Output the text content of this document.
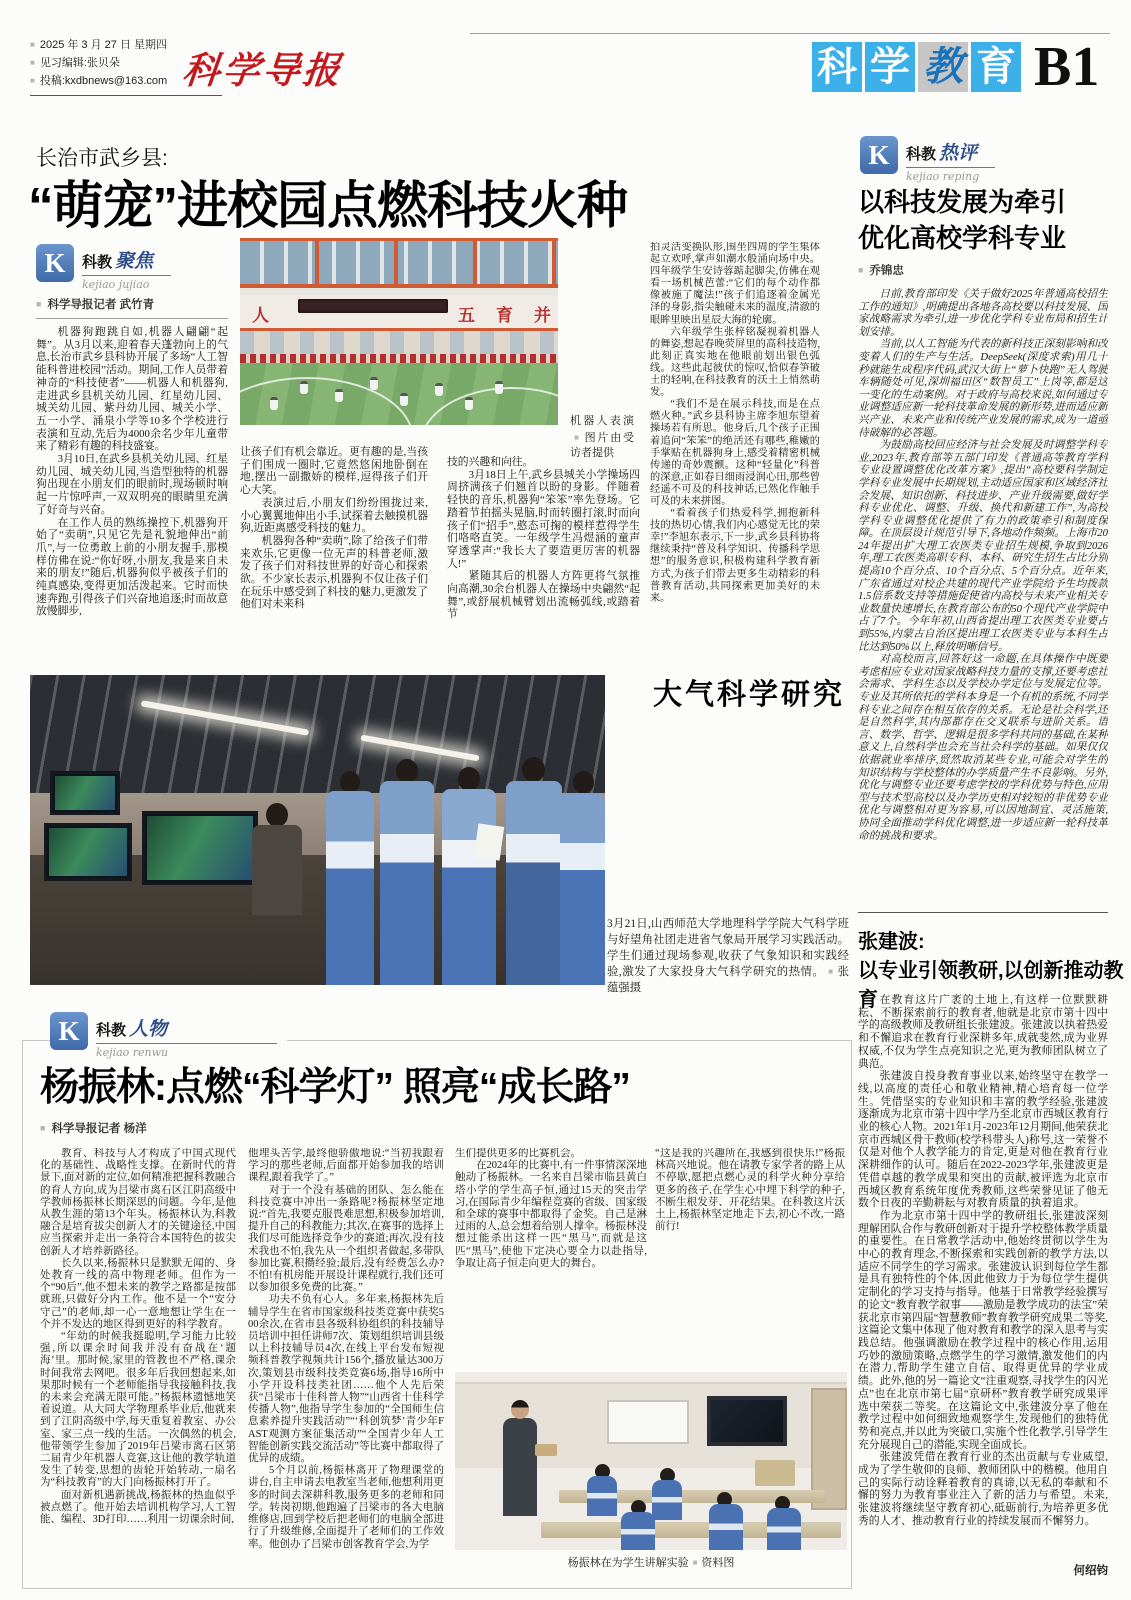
■ 2025 年 3 月 27 日 星期四
■ 见习编辑:张贝朵
■ 投稿:kxdbnews@163.com 科学导报	科 学 教 育 B1
长治市武乡县:
“萌宠”进校园点燃科技火种
K	科教 聚焦
kejiao jujiao
■ 科学导报记者 武竹青

机器狗跑跳自如,机器人翩翩“起舞”。从3月以来,迎着春天蓬勃向上的气息,长治市武乡县科协开展了多场“人工智能科普进校园”活动。期间,工作人员带着神奇的“科技使者”——机器人和机器狗,走进武乡县机关幼儿园、红星幼儿园、城关幼儿园、紫丹幼儿园、城关小学、五一小学、涌泉小学等10多个学校进行表演和互动,先后为4000余名少年儿童带来了精彩有趣的科技盛宴。

3月10日,在武乡县机关幼儿园、红星幼儿园、城关幼儿园,当造型独特的机器狗出现在小朋友们的眼前时,现场顿时响起一片惊呼声,一双双明亮的眼睛里充满了好奇与兴奋。

在工作人员的熟练操控下,机器狗开始了“卖萌”,只见它先是礼貌地伸出“前爪”,与一位勇敢上前的小朋友握手,那模样仿佛在说:“你好呀,小朋友,我是来自未来的朋友!”随后,机器狗似乎被孩子们的纯真感染,变得更加活泼起来。它时而快速奔跑,引得孩子们兴奋地追逐;时而故意放慢脚步,

人	五 育 并
机器人表演■ 图片由受访者提供

让孩子们有机会靠近。更有趣的是,当孩子们围成一圈时,它竟然悠闲地卧倒在地,摆出一副撒娇的模样,逗得孩子们开心大笑。

表演过后,小朋友们纷纷围拢过来,小心翼翼地伸出小手,试探着去触摸机器狗,近距离感受科技的魅力。

机器狗各种“卖萌”,除了给孩子们带来欢乐,它更像一位无声的科普老师,激发了孩子们对科技世界的好奇心和探索欲。不少家长表示,机器狗不仅让孩子们在玩乐中感受到了科技的魅力,更激发了他们对未来科

技的兴趣和向往。

3月18日上午,武乡县城关小学操场四周挤满孩子们翘首以盼的身影。伴随着轻快的音乐,机器狗“笨笨”率先登场。它踏着节拍摇头晃脑,时而转圈打滚,时而向孩子们“招手”,憨态可掬的模样惹得学生们咯咯直笑。一年级学生冯煜涵的童声穿透掌声:“我长大了要造更厉害的机器人!”

紧随其后的机器人方阵更将气氛推向高潮,30余台机器人在操场中央翩然“起舞”,或舒展机械臂划出流畅弧线,或踏着节

拍灵活变换队形,围坐四周的学生集体起立欢呼,掌声如潮水般涌向场中央。四年级学生安诗蓉踮起脚尖,仿佛在观看一场机械芭蕾:“它们的每个动作都像被施了魔法!”孩子们追逐着金属光泽的身影,指尖触碰未来的温度,清澈的眼眸里映出星辰大海的轮廓。

六年级学生张梓铭凝视着机器人的舞姿,想起春晚荧屏里的高科技造物,此刻正真实地在他眼前划出银色弧线。这些此起彼伏的惊叹,恰似春笋破土的轻响,在科技教育的沃土上悄然萌发。

“我们不是在展示科技,而是在点燃火种。”武乡县科协主席李旭东望着操场若有所思。他身后,几个孩子正围着追问“笨笨”的绝活还有哪些,稚嫩的手掌贴在机器狗身上,感受着精密机械传递的奇妙震颤。这种“轻量化”科普的深意,正如春日细雨浸润心田,那些曾经遥不可及的科技神话,已然化作触手可及的未来拼图。

“看着孩子们热爱科学,拥抱新科技的热切心情,我们内心感觉无比的荣幸!”李旭东表示,下一步,武乡县科协将继续秉持“普及科学知识、传播科学思想”的服务意识,积极构建科学教育新方式,为孩子们带去更多生动精彩的科普教育活动,共同探索更加美好的未来。

K	科教 热评
kejiao reping
以科技发展为牵引
优化高校学科专业
■ 乔锦忠

日前,教育部印发《关于做好2025年普通高校招生工作的通知》,明确提出各地各高校要以科技发展、国家战略需求为牵引,进一步优化学科专业布局和招生计划安排。

当前,以人工智能为代表的新科技正深刻影响和改变着人们的生产与生活。DeepSeek(深度求索)用几十秒就能生成程序代码,武汉大街上“萝卜快跑”无人驾驶车辆随处可见,深圳福田区“数智员工”上岗等,都是这一变化的生动案例。对于政府与高校来说,如何通过专业调整适应新一轮科技革命发展的新形势,进而适应新兴产业、未来产业和传统产业发展的需求,成为一道亟待破解的必答题。

为鼓励高校回应经济与社会发展及时调整学科专业,2023年,教育部等五部门印发《普通高等教育学科专业设置调整优化改革方案》,提出“高校要科学制定学科专业发展中长期规划,主动适应国家和区域经济社会发展、知识创新、科技进步、产业升级需要,做好学科专业优化、调整、升级、换代和新建工作”,为高校学科专业调整优化提供了有力的政策牵引和制度保障。在顶层设计规范引导下,各地动作频频。上海市2024年提出扩大理工农医类专业招生规模,争取到2026年,理工农医类高职专科、本科、研究生招生占比分别提高10个百分点、10个百分点、5个百分点。近年来,广东省通过对校企共建的现代产业学院给予生均拨款1.5倍系数支持等措施促使省内高校与未来产业相关专业数量快速增长,在教育部公布的50个现代产业学院中占了7个。今年年初,山西省提出理工农医类专业要占到55%,内蒙古自治区提出理工农医类专业与本科生占比达到50%以上,释放明晰信号。

对高校而言,回答好这一命题,在具体操作中既要考虑相应专业对国家战略科技力量的支撑,还要考虑社会需求、学科生态以及学校办学定位与发展定位等。专业及其所依托的学科本身是一个有机的系统,不同学科专业之间存在相互依存的关系。无论是社会科学,还是自然科学,其内部都存在交叉联系与进阶关系。语言、数学、哲学、逻辑是很多学科共同的基础,在某种意义上,自然科学也会充当社会科学的基础。如果仅仅依据就业率排序,贸然取消某些专业,可能会对学生的知识结构与学校整体的办学质量产生不良影响。另外,优化与调整专业还要考虑学校的学科优势与特色,应用型与技术型高校以及办学历史相对较短的非优势专业优化与调整相对更为容易,可以因地制宜、灵活施策,协同全面推动学科优化调整,进一步适应新一轮科技革命的挑战和要求。

大气科学研究
3月21日,山西师范大学地理科学学院大气科学班与好望角社团走进省气象局开展学习实践活动。学生们通过现场参观,收获了气象知识和实践经验,激发了大家投身大气科学研究的热情。 ■ 张蕴强摄
张建波:
以专业引领教研,以创新推动教育 在教育这片广袤的土地上,有这样一位默默耕耘、不断探索前行的教育者,他就是北京市第十四中学的高级教师及教研组长张建波。张建波以执着热爱和不懈追求在教育行业深耕多年,成就斐然,成为业界权威,不仅为学生点亮知识之光,更为教师团队树立了典范。

张建波自投身教育事业以来,始终坚守在教学一线,以高度的责任心和敬业精神,精心培育每一位学生。凭借坚实的专业知识和丰富的教学经验,张建波逐渐成为北京市第十四中学乃至北京市西城区教育行业的核心人物。2021年1月-2023年12月期间,他荣获北京市西城区骨干教师(校学科带头人)称号,这一荣誉不仅是对他个人教学能力的肯定,更是对他在教育行业深耕细作的认可。随后在2022-2023学年,张建波更是凭借卓越的教学成果和突出的贡献,被评选为北京市西城区教育系统年度优秀教师,这些荣誉见证了他无数个日夜的辛勤耕耘与对教育质量的执着追求。

作为北京市第十四中学的教研组长,张建波深刻理解团队合作与教研创新对于提升学校整体教学质量的重要性。在日常教学活动中,他始终贯彻以学生为中心的教育理念,不断探索和实践创新的教学方法,以适应不同学生的学习需求。张建波认识到每位学生都是具有独特性的个体,因此他致力于为每位学生提供定制化的学习支持与指导。他基于日常教学经验撰写的论文“教育教学叙事——激励是教学成功的法宝”荣获北京市第四届“智慧教师”教育教学研究成果二等奖,这篇论文集中体现了他对教育和教学的深入思考与实践总结。他强调激励在教学过程中的核心作用,运用巧妙的激励策略,点燃学生的学习激情,激发他们的内在潜力,帮助学生建立自信、取得更优异的学业成绩。此外,他的另一篇论文“注重观察,寻找学生的闪光点”也在北京市第七届“京研杯”教育教学研究成果评选中荣获二等奖。在这篇论文中,张建波分享了他在教学过程中如何细致地观察学生,发现他们的独特优势和亮点,并以此为突破口,实施个性化教学,引导学生充分展现自己的潜能,实现全面成长。

张建波凭借在教育行业的杰出贡献与专业威望,成为了学生敬仰的良师、教师团队中的楷模。他用自己的实际行动诠释着教育的真谛,以无私的奉献和不懈的努力为教育事业注入了新的活力与希望。未来,张建波将继续坚守教育初心,砥砺前行,为培养更多优秀的人才、推动教育行业的持续发展而不懈努力。

何绍钧
K	科教 人物
kejiao renwu
杨振林:点燃“科学灯” 照亮“成长路”
■ 科学导报记者 杨洋

教育、科技与人才构成了中国式现代化的基础性、战略性支撑。在新时代的背景下,面对新的定位,如何精准把握科教融合的育人方向,成为吕梁市离石区江阴高级中学教师杨振林长期深思的问题。今年,是他从教生涯的第13个年头。杨振林认为,科教融合是培育拔尖创新人才的关键途径,中国应当探索并走出一条符合本国特色的拔尖创新人才培养新路径。

长久以来,杨振林只是默默无闻的、身处教育一线的高中物理老师。但作为一个“90后”,他不想未来的教学之路都是按部就班,只做好分内工作。他不是一个“安分守己”的老师,却一心一意地想让学生在一个并不发达的地区得到更好的科学教育。

“年幼的时候我挺聪明,学习能力比较强,所以课余时间我并没有奋战在‘题海’里。那时候,家里的管教也不严格,课余时间我常去网吧。很多年后我回想起来,如果那时候有一个老师能指导我接触科技,我的未来会充满无限可能。”杨振林遗憾地笑着说道。从大同大学物理系毕业后,他就来到了江阴高级中学,每天重复着教室、办公室、家三点一线的生活。一次偶然的机会,他带领学生参加了2019年吕梁市离石区第二届青少年机器人竞赛,这让他的教学轨道发生了转变,思想的齿轮开始转动,一扇名为“科技教育”的大门向杨振林打开了。

面对新机遇新挑战,杨振林的热血似乎被点燃了。他开始去培训机构学习,人工智能、编程、3D打印……利用一切课余时间,

他埋头苦学,最终他骄傲地说:“当初我跟着学习的那些老师,后面都开始参加我的培训课程,跟着我学了。”

对于一个没有基础的团队、怎么能在科技竞赛中冲出一条路呢?杨振林坚定地说:“首先,我要克服畏难思想,积极参加培训,提升自己的科教能力;其次,在赛事的选择上我们尽可能选择竞争少的赛道;再次,没有技术我也不怕,我先从一个组织者做起,多带队参加比赛,积攒经验;最后,没有经费怎么办?不怕!有机房能开展设计课程就行,我们还可以参加很多免费的比赛。”

功夫不负有心人。多年来,杨振林先后辅导学生在省市国家级科技类竞赛中获奖500余次,在省市县各级科协组织的科技辅导员培训中担任讲师7次、策划组织培训县级以上科技辅导员4次,在线上平台发布短视频科普教学视频共计156个,播放量达300万次,策划县市级科技类竞赛6场,指导16所中小学开设科技类社团……他个人先后荣获“吕梁市十佳科普人物”“山西省十佳科学传播人物”,他指导学生参加的“全国师生信息素养提升实践活动”“‘科创筑梦’青少年FAST观测方案征集活动”“全国青少年人工智能创新实践交流活动”等比赛中都取得了优异的成绩。

5个月以前,杨振林离开了物理课堂的讲台,自主申请去电教室当老师,他想利用更多的时间去深耕科教,服务更多的老师和同学。转岗初期,他跑遍了吕梁市的各大电脑维修店,回到学校后把老师们的电脑全部进行了升级维修,全面提升了老师们的工作效率。他创办了吕梁市创客教育学会,为学

生们提供更多的比赛机会。

在2024年的比赛中,有一件事情深深地触动了杨振林。一名来自吕梁市临县黄白塔小学的学生高子恒,通过15天的突击学习,在国际青少年编程竞赛的省级、国家级和全球的赛事中都取得了金奖。自己是淋过雨的人,总会想着给别人撑伞。杨振林没想过能杀出这样一匹“黑马”,而就是这匹“黑马”,使他下定决心要全力以赴指导,争取让高子恒走向更大的舞台。

“这是我的兴趣所在,我感到很快乐!”杨振林高兴地说。他在请教专家学者的路上从不停歇,愿把点燃心灵的科学火种分享给更多的孩子,在学生心中埋下科学的种子,不断生根发芽、开花结果。在科教这片沃土上,杨振林坚定地走下去,初心不改,一路前行!

杨振林在为学生讲解实验 ■ 资料图
